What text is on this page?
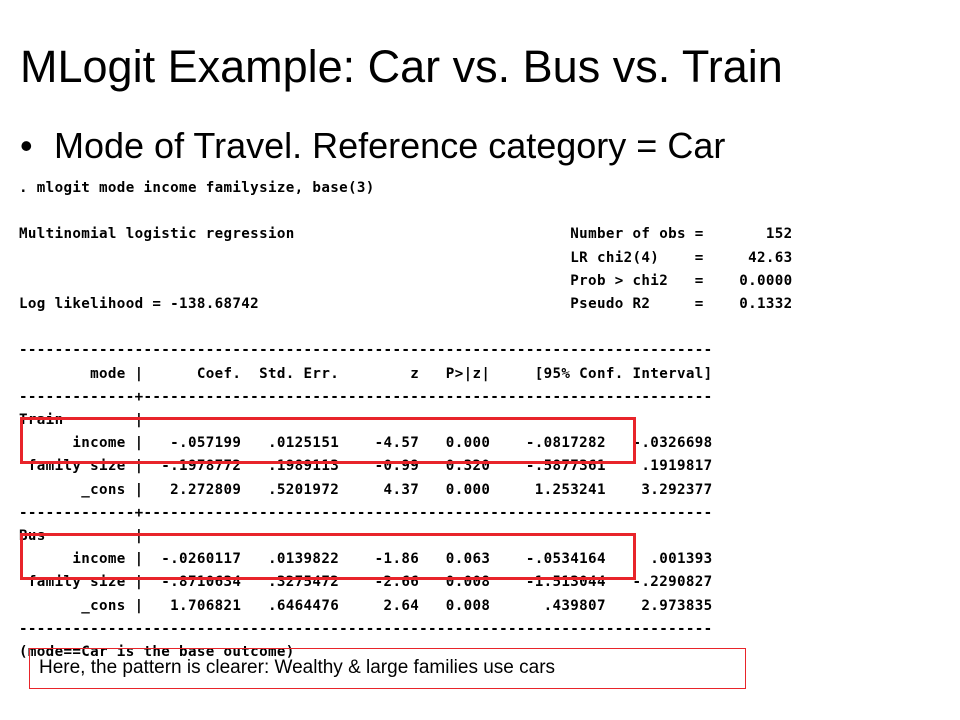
MLogit Example: Car vs. Bus vs. Train
• Mode of Travel. Reference category = Car
. mlogit mode income familysize, base(3)

Multinomial logistic regression                               Number of obs =       152
LR chi2(4)    =     42.63
Prob > chi2   =    0.0000
Log likelihood = -138.68742                                   Pseudo R2     =    0.1332

------------------------------------------------------------------------------
mode |      Coef.  Std. Err.        z   P>|z|     [95% Conf. Interval]
-------------+----------------------------------------------------------------
Train        |
income |   -.057199   .0125151    -4.57   0.000    -.0817282   -.0326698
family size |  -.1978772   .1989113    -0.99   0.320    -.5877361    .1919817
_cons |   2.272809   .5201972     4.37   0.000     1.253241    3.292377
-------------+----------------------------------------------------------------
Bus          |
income |  -.0260117   .0139822    -1.86   0.063    -.0534164     .001393
family size |  -.8710634   .3275472    -2.66   0.008    -1.513044   -.2290827
_cons |   1.706821   .6464476     2.64   0.008      .439807    2.973835
------------------------------------------------------------------------------
(mode==Car is the base outcome)
Here, the pattern is clearer: Wealthy & large families use cars
